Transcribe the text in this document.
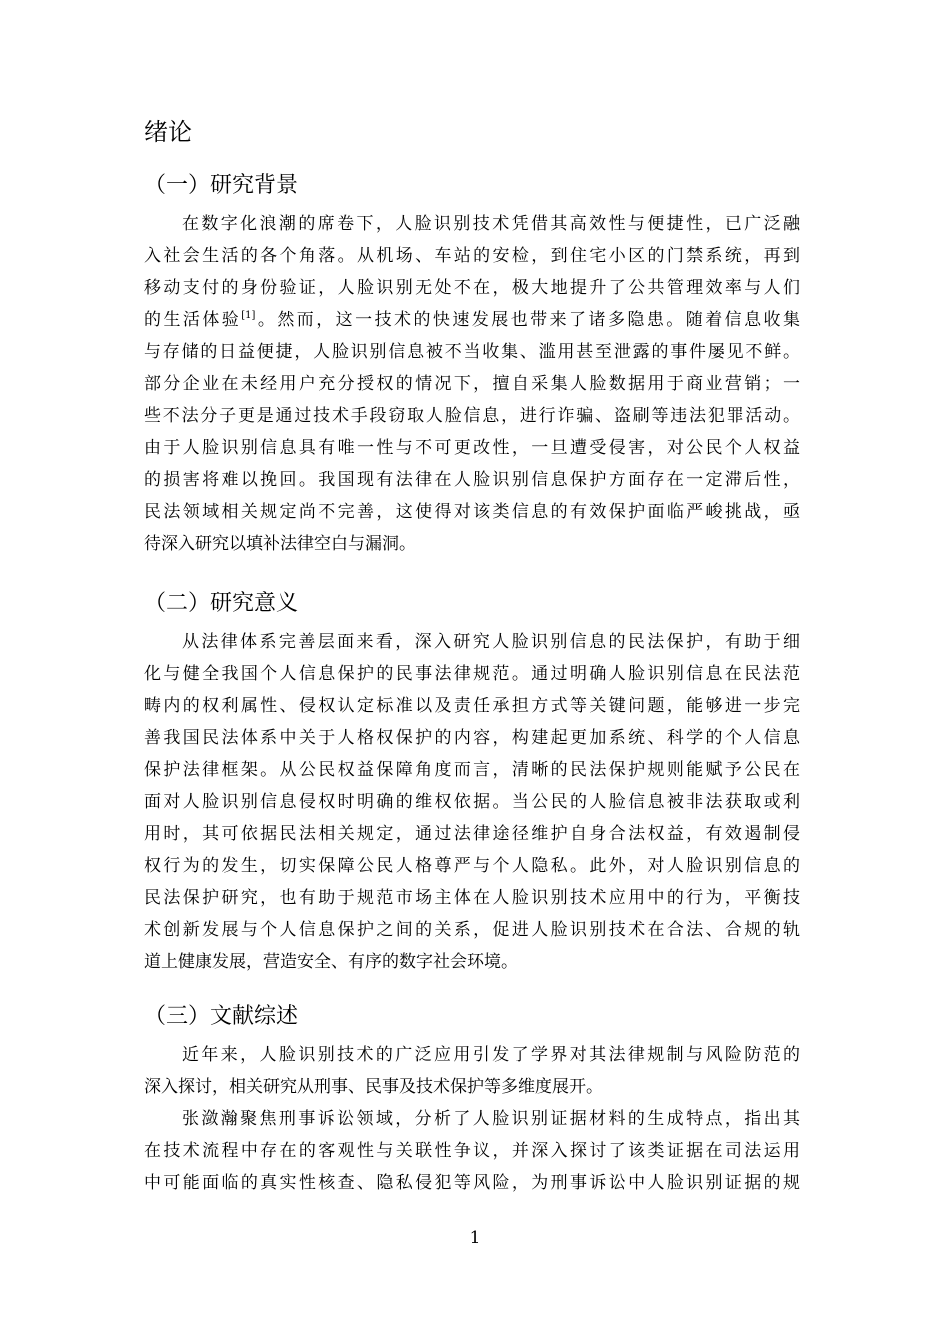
绪论
（一）研究背景
在数字化浪潮的席卷下，人脸识别技术凭借其高效性与便捷性，已广泛融
入社会生活的各个角落。从机场、车站的安检，到住宅小区的门禁系统，再到
移动支付的身份验证，人脸识别无处不在，极大地提升了公共管理效率与人们
的生活体验[1]。然而，这一技术的快速发展也带来了诸多隐患。随着信息收集
与存储的日益便捷，人脸识别信息被不当收集、滥用甚至泄露的事件屡见不鲜。
部分企业在未经用户充分授权的情况下，擅自采集人脸数据用于商业营销；一
些不法分子更是通过技术手段窃取人脸信息，进行诈骗、盗刷等违法犯罪活动。
由于人脸识别信息具有唯一性与不可更改性，一旦遭受侵害，对公民个人权益
的损害将难以挽回。我国现有法律在人脸识别信息保护方面存在一定滞后性，
民法领域相关规定尚不完善，这使得对该类信息的有效保护面临严峻挑战，亟
待深入研究以填补法律空白与漏洞。
（二）研究意义
从法律体系完善层面来看，深入研究人脸识别信息的民法保护，有助于细
化与健全我国个人信息保护的民事法律规范。通过明确人脸识别信息在民法范
畴内的权利属性、侵权认定标准以及责任承担方式等关键问题，能够进一步完
善我国民法体系中关于人格权保护的内容，构建起更加系统、科学的个人信息
保护法律框架。从公民权益保障角度而言，清晰的民法保护规则能赋予公民在
面对人脸识别信息侵权时明确的维权依据。当公民的人脸信息被非法获取或利
用时，其可依据民法相关规定，通过法律途径维护自身合法权益，有效遏制侵
权行为的发生，切实保障公民人格尊严与个人隐私。此外，对人脸识别信息的
民法保护研究，也有助于规范市场主体在人脸识别技术应用中的行为，平衡技
术创新发展与个人信息保护之间的关系，促进人脸识别技术在合法、合规的轨
道上健康发展，营造安全、有序的数字社会环境。
（三）文献综述
近年来，人脸识别技术的广泛应用引发了学界对其法律规制与风险防范的
深入探讨，相关研究从刑事、民事及技术保护等多维度展开。
张潋瀚聚焦刑事诉讼领域，分析了人脸识别证据材料的生成特点，指出其
在技术流程中存在的客观性与关联性争议，并深入探讨了该类证据在司法运用
中可能面临的真实性核查、隐私侵犯等风险，为刑事诉讼中人脸识别证据的规

1
